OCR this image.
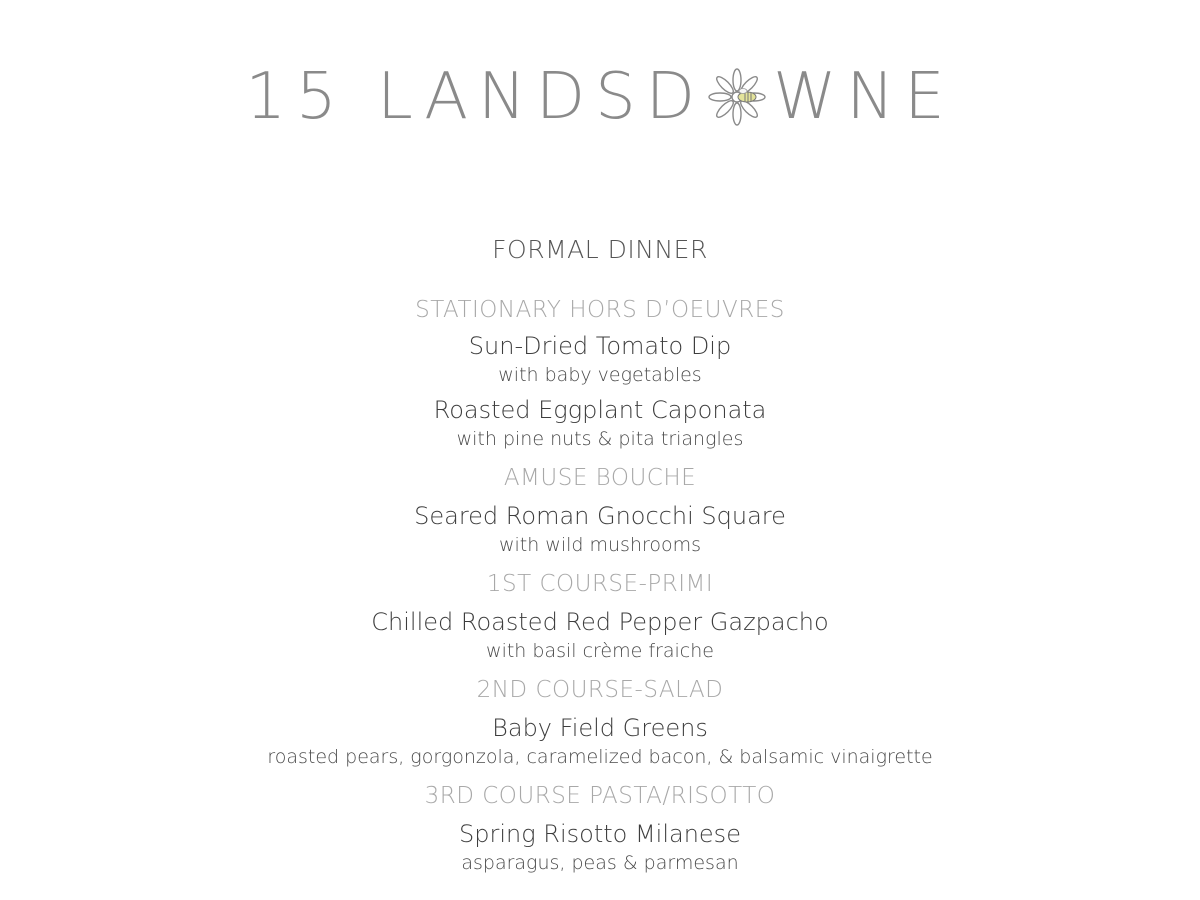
15 LANDSD WNE
FORMAL DINNER
STATIONARY HORS D’OEUVRES
Sun-Dried Tomato Dip
with baby vegetables
Roasted Eggplant Caponata
with pine nuts & pita triangles
AMUSE BOUCHE
Seared Roman Gnocchi Square
with wild mushrooms
1ST COURSE-PRIMI
Chilled Roasted Red Pepper Gazpacho
with basil crème fraiche
2ND COURSE-SALAD
Baby Field Greens
roasted pears, gorgonzola, caramelized bacon, & balsamic vinaigrette
3RD COURSE PASTA/RISOTTO
Spring Risotto Milanese
asparagus, peas & parmesan
